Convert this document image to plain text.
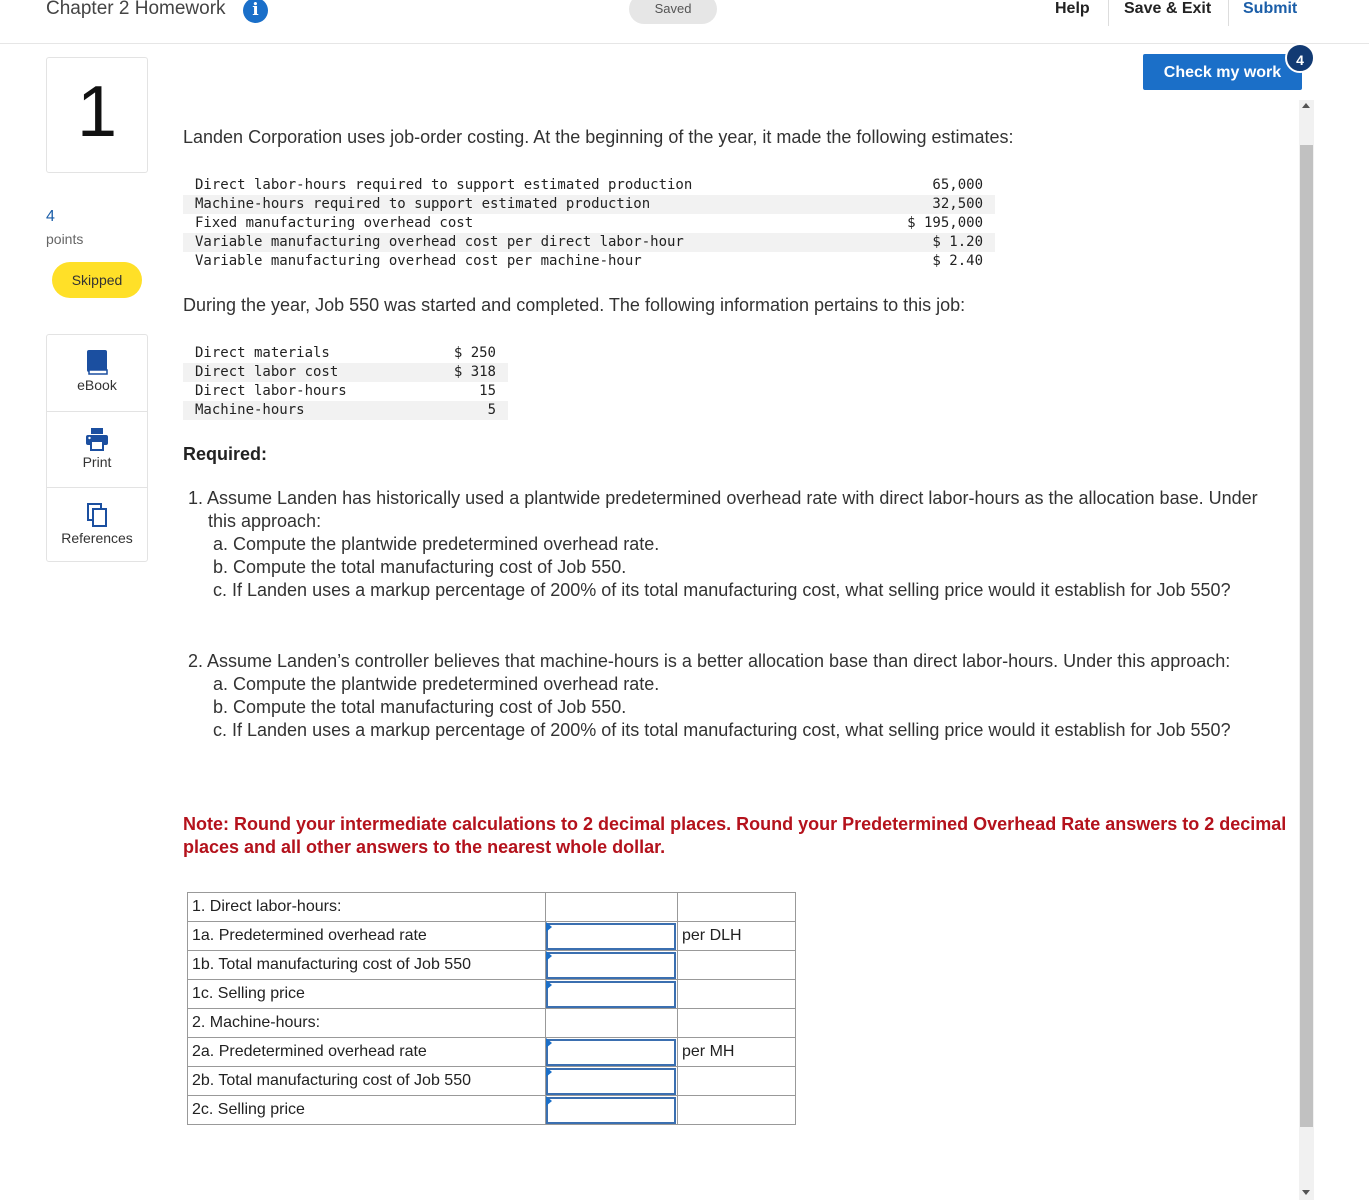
Chapter 2 Homework	i	Saved	Help Save & Exit Submit
1
4
points
Skipped
eBook
Print
References
Check my work
4
Landen Corporation uses job-order costing. At the beginning of the year, it made the following estimates:
Direct labor-hours required to support estimated production	65,000
Machine-hours required to support estimated production	32,500
Fixed manufacturing overhead cost	$ 195,000
Variable manufacturing overhead cost per direct labor-hour	$ 1.20
Variable manufacturing overhead cost per machine-hour	$ 2.40
During the year, Job 550 was started and completed. The following information pertains to this job:
Direct materials	$ 250
Direct labor cost	$ 318
Direct labor-hours	15
Machine-hours	5
Required:
1. Assume Landen has historically used a plantwide predetermined overhead rate with direct labor-hours as the allocation base. Under this approach:
a. Compute the plantwide predetermined overhead rate.
b. Compute the total manufacturing cost of Job 550.
c. If Landen uses a markup percentage of 200% of its total manufacturing cost, what selling price would it establish for Job 550?
2. Assume Landen’s controller believes that machine-hours is a better allocation base than direct labor-hours. Under this approach:
a. Compute the plantwide predetermined overhead rate.
b. Compute the total manufacturing cost of Job 550.
c. If Landen uses a markup percentage of 200% of its total manufacturing cost, what selling price would it establish for Job 550?
Note: Round your intermediate calculations to 2 decimal places. Round your Predetermined Overhead Rate answers to 2 decimal places and all other answers to the nearest whole dollar.
1. Direct labor-hours:		
1a. Predetermined overhead rate		per DLH
1b. Total manufacturing cost of Job 550	

1c. Selling price	

2. Machine-hours:		
2a. Predetermined overhead rate		per MH
2b. Total manufacturing cost of Job 550	

2c. Selling price	
